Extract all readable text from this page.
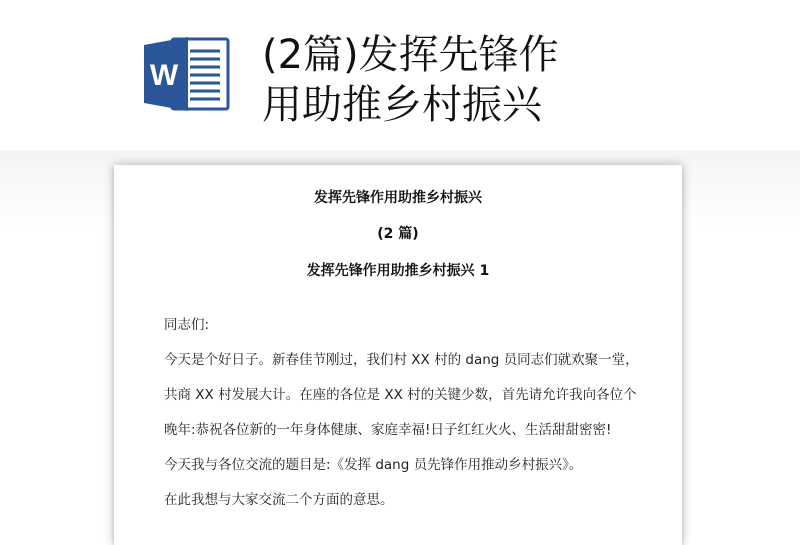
W (2篇)发挥先锋作
用助推乡村振兴
发挥先锋作用助推乡村振兴
(2 篇)
发挥先锋作用助推乡村振兴 1
同志们:
今天是个好日子。新春佳节刚过，我们村 XX 村的 dang 员同志们就欢聚一堂，
共商 XX 村发展大计。在座的各位是 XX 村的关键少数，首先请允许我向各位个
晚年:恭祝各位新的一年身体健康、家庭幸福!日子红红火火、生活甜甜密密!
今天我与各位交流的题目是:《发挥 dang 员先锋作用推动乡村振兴》。
在此我想与大家交流二个方面的意思。
